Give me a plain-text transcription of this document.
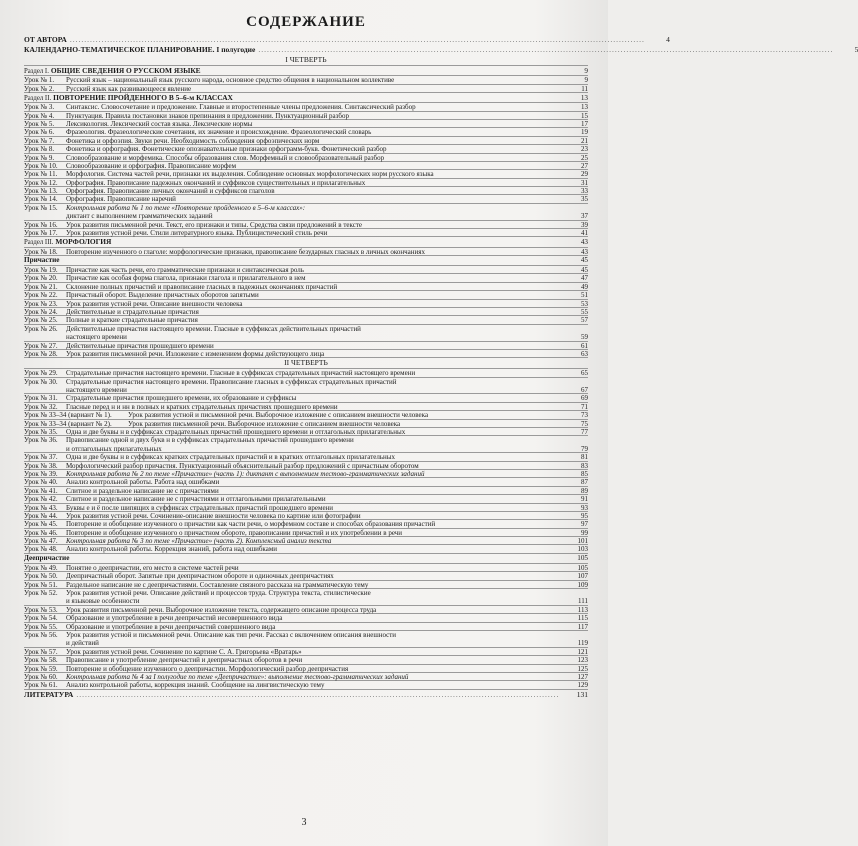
СОДЕРЖАНИЕ
ОТ АВТОРА ........................................................................................................................................................................................................	4
КАЛЕНДАРНО-ТЕМАТИЧЕСКОЕ ПЛАНИРОВАНИЕ. I полугодие ........................................................................................................................................................................................................	5
I ЧЕТВЕРТЬ
Раздел I. ОБЩИЕ СВЕДЕНИЯ О РУССКОМ ЯЗЫКЕ	9
Урок № 1.	Русский язык – национальный язык русского народа, основное средство общения в национальном коллективе	9
Урок № 2.	Русский язык как развивающееся явление	11
Раздел II. ПОВТОРЕНИЕ ПРОЙДЕННОГО В 5–6-м КЛАССАХ	13
Урок № 3.	Синтаксис. Словосочетание и предложение. Главные и второстепенные члены предложения. Синтаксический разбор	13
Урок № 4.	Пунктуация. Правила постановки знаков препинания в предложении. Пунктуационный разбор	15
Урок № 5.	Лексикология. Лексический состав языка. Лексические нормы	17
Урок № 6.	Фразеология. Фразеологические сочетания, их значение и происхождение. Фразеологический словарь	19
Урок № 7.	Фонетика и орфоэпия. Звуки речи. Необходимость соблюдения орфоэпических норм	21
Урок № 8.	Фонетика и орфография. Фонетические опознавательные признаки орфограмм-букв. Фонетический разбор	23
Урок № 9.	Словообразование и морфемика. Способы образования слов. Морфемный и словообразовательный разбор	25
Урок № 10.	Словообразование и орфография. Правописание морфем	27
Урок № 11.	Морфология. Система частей речи, признаки их выделения. Соблюдение основных морфологических норм русского языка	29
Урок № 12.	Орфография. Правописание падежных окончаний и суффиксов существительных и прилагательных	31
Урок № 13.	Орфография. Правописание личных окончаний и суффиксов глаголов	33
Урок № 14.	Орфография. Правописание наречий	35
Урок № 15.	Контрольная работа № 1 по теме «Повторение пройденного в 5–6-м классах»:
диктант с выполнением грамматических заданий	37
Урок № 16.	Урок развития письменной речи. Текст, его признаки и типы. Средства связи предложений в тексте	39
Урок № 17.	Урок развития устной речи. Стили литературного языка. Публицистический стиль речи	41
Раздел III. МОРФОЛОГИЯ	43
Урок № 18.	Повторение изученного о глаголе: морфологические признаки, правописание безударных гласных в личных окончаниях	43
Причастие	45
Урок № 19.	Причастие как часть речи, его грамматические признаки и синтаксическая роль	45
Урок № 20.	Причастие как особая форма глагола, признаки глагола и прилагательного в нем	47
Урок № 21.	Склонение полных причастий и правописание гласных в падежных окончаниях причастий	49
Урок № 22.	Причастный оборот. Выделение причастных оборотов запятыми	51
Урок № 23.	Урок развития устной речи. Описание внешности человека	53
Урок № 24.	Действительные и страдательные причастия	55
Урок № 25.	Полные и краткие страдательные причастия	57
Урок № 26.	Действительные причастия настоящего времени. Гласные в суффиксах действительных причастий
настоящего времени	59
Урок № 27.	Действительные причастия прошедшего времени	61
Урок № 28.	Урок развития письменной речи. Изложение с изменением формы действующего лица	63
II ЧЕТВЕРТЬ
Урок № 29.	Страдательные причастия настоящего времени. Гласные в суффиксах страдательных причастий настоящего времени	65
Урок № 30.	Страдательные причастия настоящего времени. Правописание гласных в суффиксах страдательных причастий
настоящего времени	67
Урок № 31.	Страдательные причастия прошедшего времени, их образование и суффиксы	69
Урок № 32.	Гласные перед н и нн в полных и кратких страдательных причастиях прошедшего времени	71
Урок № 33–34 (вариант № 1).	Урок развития устной и письменной речи. Выборочное изложение с описанием внешности человека	73
Урок № 33–34 (вариант № 2).	Урок развития письменной речи. Выборочное изложение с описанием внешности человека	75
Урок № 35.	Одна и две буквы н в суффиксах страдательных причастий прошедшего времени и отглагольных прилагательных	77
Урок № 36.	Правописание одной и двух букв н в суффиксах страдательных причастий прошедшего времени
и отглагольных прилагательных	79
Урок № 37.	Одна и две буквы н в суффиксах кратких страдательных причастий и в кратких отглагольных прилагательных	81
Урок № 38.	Морфологический разбор причастия. Пунктуационный объяснительный разбор предложений с причастным оборотом	83
Урок № 39.	Контрольная работа № 2 по теме «Причастие» (часть 1): диктант с выполнением тестово-грамматических заданий	85
Урок № 40.	Анализ контрольной работы. Работа над ошибками	87
Урок № 41.	Слитное и раздельное написание не с причастиями	89
Урок № 42.	Слитное и раздельное написание не с причастиями и отглагольными прилагательными	91
Урок № 43.	Буквы е и ё после шипящих в суффиксах страдательных причастий прошедшего времени	93
Урок № 44.	Урок развития устной речи. Сочинение-описание внешности человека по картине или фотографии	95
Урок № 45.	Повторение и обобщение изученного о причастии как части речи, о морфемном составе и способах образования причастий	97
Урок № 46.	Повторение и обобщение изученного о причастном обороте, правописании причастий и их употреблении в речи	99
Урок № 47.	Контрольная работа № 3 по теме «Причастие» (часть 2). Комплексный анализ текста	101
Урок № 48.	Анализ контрольной работы. Коррекция знаний, работа над ошибками	103
Деепричастие	105
Урок № 49.	Понятие о деепричастии, его место в системе частей речи	105
Урок № 50.	Деепричастный оборот. Запятые при деепричастном обороте и одиночных деепричастиях	107
Урок № 51.	Раздельное написание не с деепричастиями. Составление связного рассказа на грамматическую тему	109
Урок № 52.	Урок развития устной речи. Описание действий и процессов труда. Структура текста, стилистические
и языковые особенности	111
Урок № 53.	Урок развития письменной речи. Выборочное изложение текста, содержащего описание процесса труда	113
Урок № 54.	Образование и употребление в речи деепричастий несовершенного вида	115
Урок № 55.	Образование и употребление в речи деепричастий совершенного вида	117
Урок № 56.	Урок развития устной и письменной речи. Описание как тип речи. Рассказ с включением описания внешности
и действий	119
Урок № 57.	Урок развития устной речи. Сочинение по картине С. А. Григорьева «Вратарь»	121
Урок № 58.	Правописание и употребление деепричастий и деепричастных оборотов в речи	123
Урок № 59.	Повторение и обобщение изученного о деепричастии. Морфологический разбор деепричастия	125
Урок № 60.	Контрольная работа № 4 за I полугодие по теме «Деепричастие»: выполнение тестово-грамматических заданий	127
Урок № 61.	Анализ контрольной работы, коррекция знаний. Сообщение на лингвистическую тему	129
ЛИТЕРАТУРА ........................................................................................................................................................................	131
3
